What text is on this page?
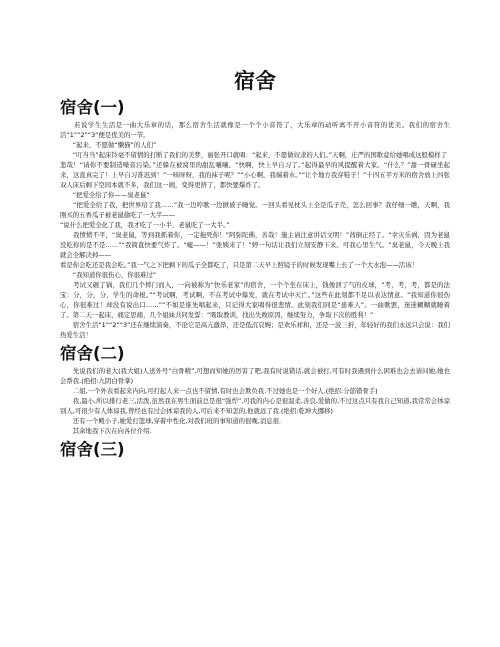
宿舍
宿舍(一)

　　若说学生生活是一曲大乐章的话，那么宿舍生活就像是一个个小音符了，大乐章的动听离不开小音符的优美。我们的宿舍生活“1”“2”“3”便是优美的一节。

　　“起来，不愿做“懒猫”的人们”

　　“叮当当”起床铃毫不留情的打断了我们的美梦，丽张开口就唱：“起来，不愿做奴隶的人们。”天啊，庄严的国歌竟给她唱成这般模样了

悲哉！“请你不要制造噪音污染。”还躲在被窝里的甜乱嚷嚷。“快啊，快上早自习了。”起得最早的风提醒着大家。“什么？”甜一骨碌坐起来，这直真完了！上早自习准迟到！”一咳呀呀，我的袜子呢？”“小心啊，我端着水。”“让个地方我穿鞋子！”十四五平方米的宿舍放上四张双人床后剩下空间本就不多，我们这一闹，变得更挤了，都快要爆炸了。

　　“把爱全给了你——臭老鼠”

　　“把爱全给了我，把世界给了我……”我一边哼歌一边掀被子睡觉。一回头看见枕头上全是瓜子壳，怎么回事？我仔细一瞧，天啊，我刚买的五香瓜子被老鼠偷吃了一大半——

“说什么把爱全化了我，我才吃了一小半，老鼠吃了一大半。”

　　我愤愤不平，“臭老鼠，等到我抓着你，一定拖死你！”阿弥陀佛，善哉！施主请注意讲话文明！”茜倒正经了。“幸灾乐祸，因为老鼠没吃你的是不是……”“我简直快要气炸了。“嘘——！”张姨来了！”婷一句话让我们立刻安静下来。可我心里生气。“臭老鼠，今天晚上我就会全解决掉——

看是你会吃还是我会吃。”我一气之下把剩下的瓜子全都吃了，只是第二天早上照镜子的时候发现嘴上长了一个大水泡——活该！

　　“我知道你很伤心，你很难过”

　　考试又砸了锅，我们几个摔门而入，一向被称为“快乐老家”的宿舍，一个个坐在床上，钱像泄了气的皮球，“考，考，考，都是的法宝：分，分，分，学生的命根。”“考试啊，考试啊，不在考试中爆发，就在考试中灭亡。”这些在此刻都不足以表达情意。“我知道你很伤心，你很难过！却没有说出口……”“不如是谁先唱起来，只记得大家唱得很悲情。此刻我们同是“患难人”。一曲歌罢，迷迷糊糊就睡着了。第二天一起床，痛定思痛，几个姐妹共同发誓：“吸取教训，找出失败原因，继续努力，争取下次的胜利！”

　　宿舍生活“1”“2”“3”还在继续演奏，不论它是高亢激昂，还是低沉哀婉；是欢乐祥和，还是一波三折，年轻好的我们永远只会说：我们热爱生活！

宿舍(二)

　　先说我们的老大(我大姐)人送外号“白骨精”,可想而知她的厉害了吧,我有时说错话,就会被打,可有时我遇到什么困难也会去请问她,她也会帮我.(绝招:九阴白骨掌)

　　二姐,一个外表看起来内向,可打起人来一点也不留情,有时也会欺负我.不过她也是一个好人.(绝招:分筋错骨手)

　　我,最小,所以排行老三,活泼,虽然我在男生面前总是很“强悍”,可我的内心是很温柔,善良,爱做的,不过这点只有我自己知道,我常常会体谅别人,可很少有人体谅我,曾经也有过会体谅我的人,可后来不知怎的,他就远了我.(绝招:乾坤大挪移)

　　还有一个殿小子,她爱打篮球,穿着中性化,对我们班的事知道的很晚,消息很.

　　其余地我下次在向各位介绍.

宿舍(三)
